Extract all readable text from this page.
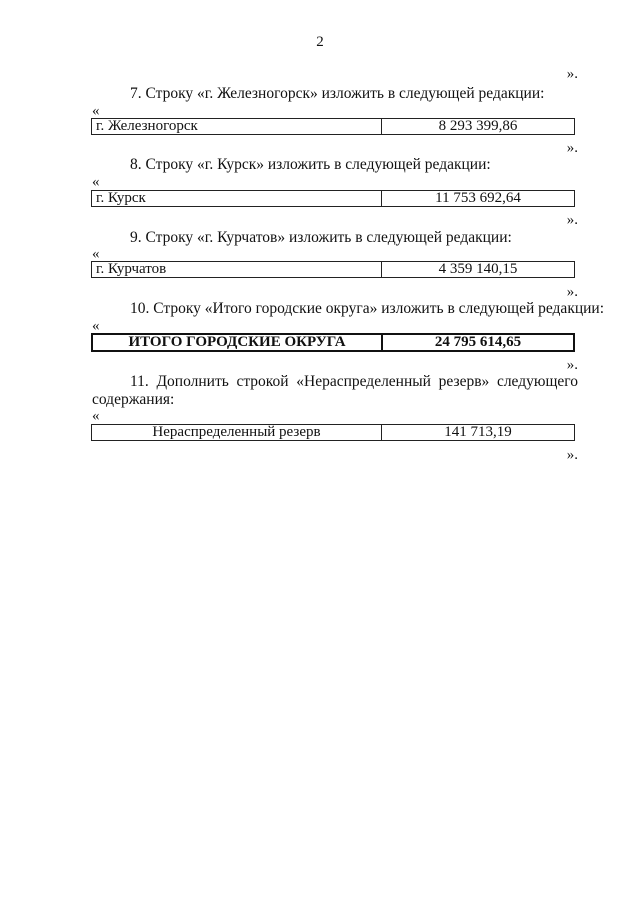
2
».
7. Строку «г. Железногорск» изложить в следующей редакции:
«
г. Железногорск	8 293 399,86
».
8. Строку «г. Курск» изложить в следующей редакции:
«
г. Курск	11 753 692,64
».
9. Строку «г. Курчатов» изложить в следующей редакции:
«
г. Курчатов	4 359 140,15
».
10. Строку «Итого городские округа» изложить в следующей редакции:
«
ИТОГО ГОРОДСКИЕ ОКРУГА	24 795 614,65
».
11. Дополнить строкой «Нераспределенный резерв» следующего содержания:
«
Нераспределенный резерв	141 713,19
».
